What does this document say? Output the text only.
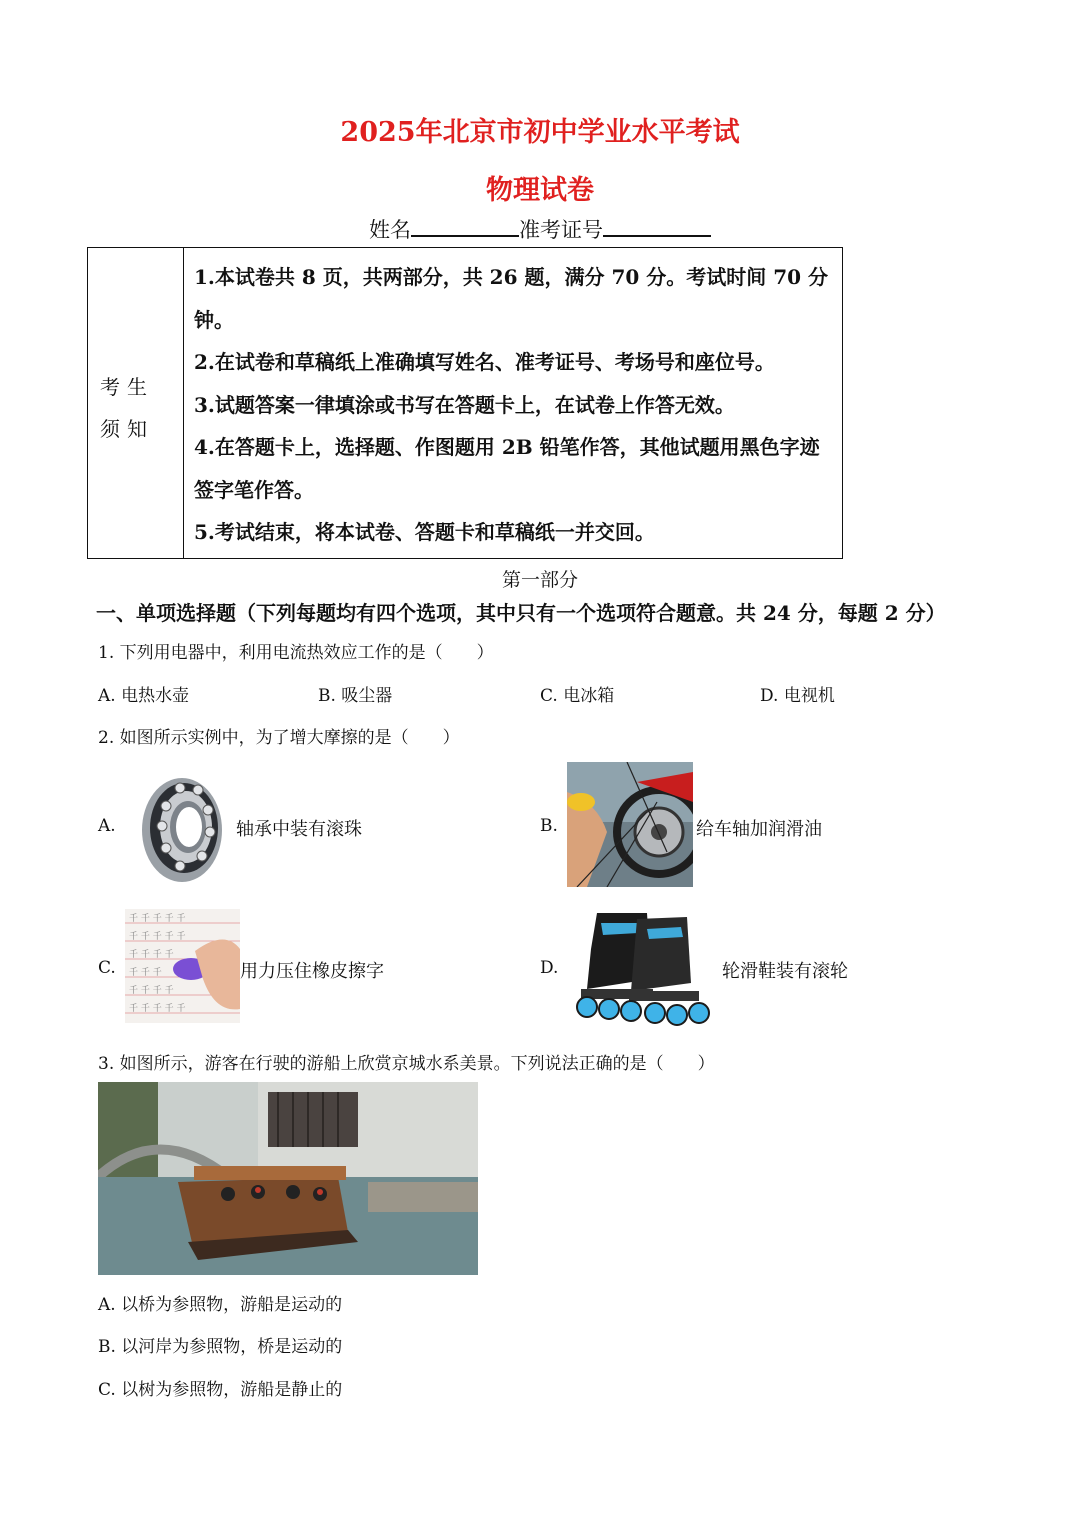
2025年北京市初中学业水平考试
物理试卷
姓名	准考证号
考生须知
1.本试卷共 8 页，共两部分，共 26 题，满分 70 分。考试时间 70 分钟。
2.在试卷和草稿纸上准确填写姓名、准考证号、考场号和座位号。
3.试题答案一律填涂或书写在答题卡上，在试卷上作答无效。
4.在答题卡上，选择题、作图题用 2B 铅笔作答，其他试题用黑色字迹签字笔作答。
5.考试结束，将本试卷、答题卡和草稿纸一并交回。
第一部分
一、单项选择题（下列每题均有四个选项，其中只有一个选项符合题意。共 24 分，每题 2 分）
1. 下列用电器中，利用电流热效应工作的是（　　）
A. 电热水壶	B. 吸尘器	C. 电冰箱	D. 电视机
2. 如图所示实例中，为了增大摩擦的是（　　）
A.	轴承中装有滚珠	B.	给车轴加润滑油
C.
千 千 千 千 千
千 千 千 千 千
千 千 千 千
千 千 千
千 千 千 千
千 千 千 千 千
用力压住橡皮擦字	D.	轮滑鞋装有滚轮
3. 如图所示，游客在行驶的游船上欣赏京城水系美景。下列说法正确的是（　　）
A. 以桥为参照物，游船是运动的
B. 以河岸为参照物，桥是运动的
C. 以树为参照物，游船是静止的
